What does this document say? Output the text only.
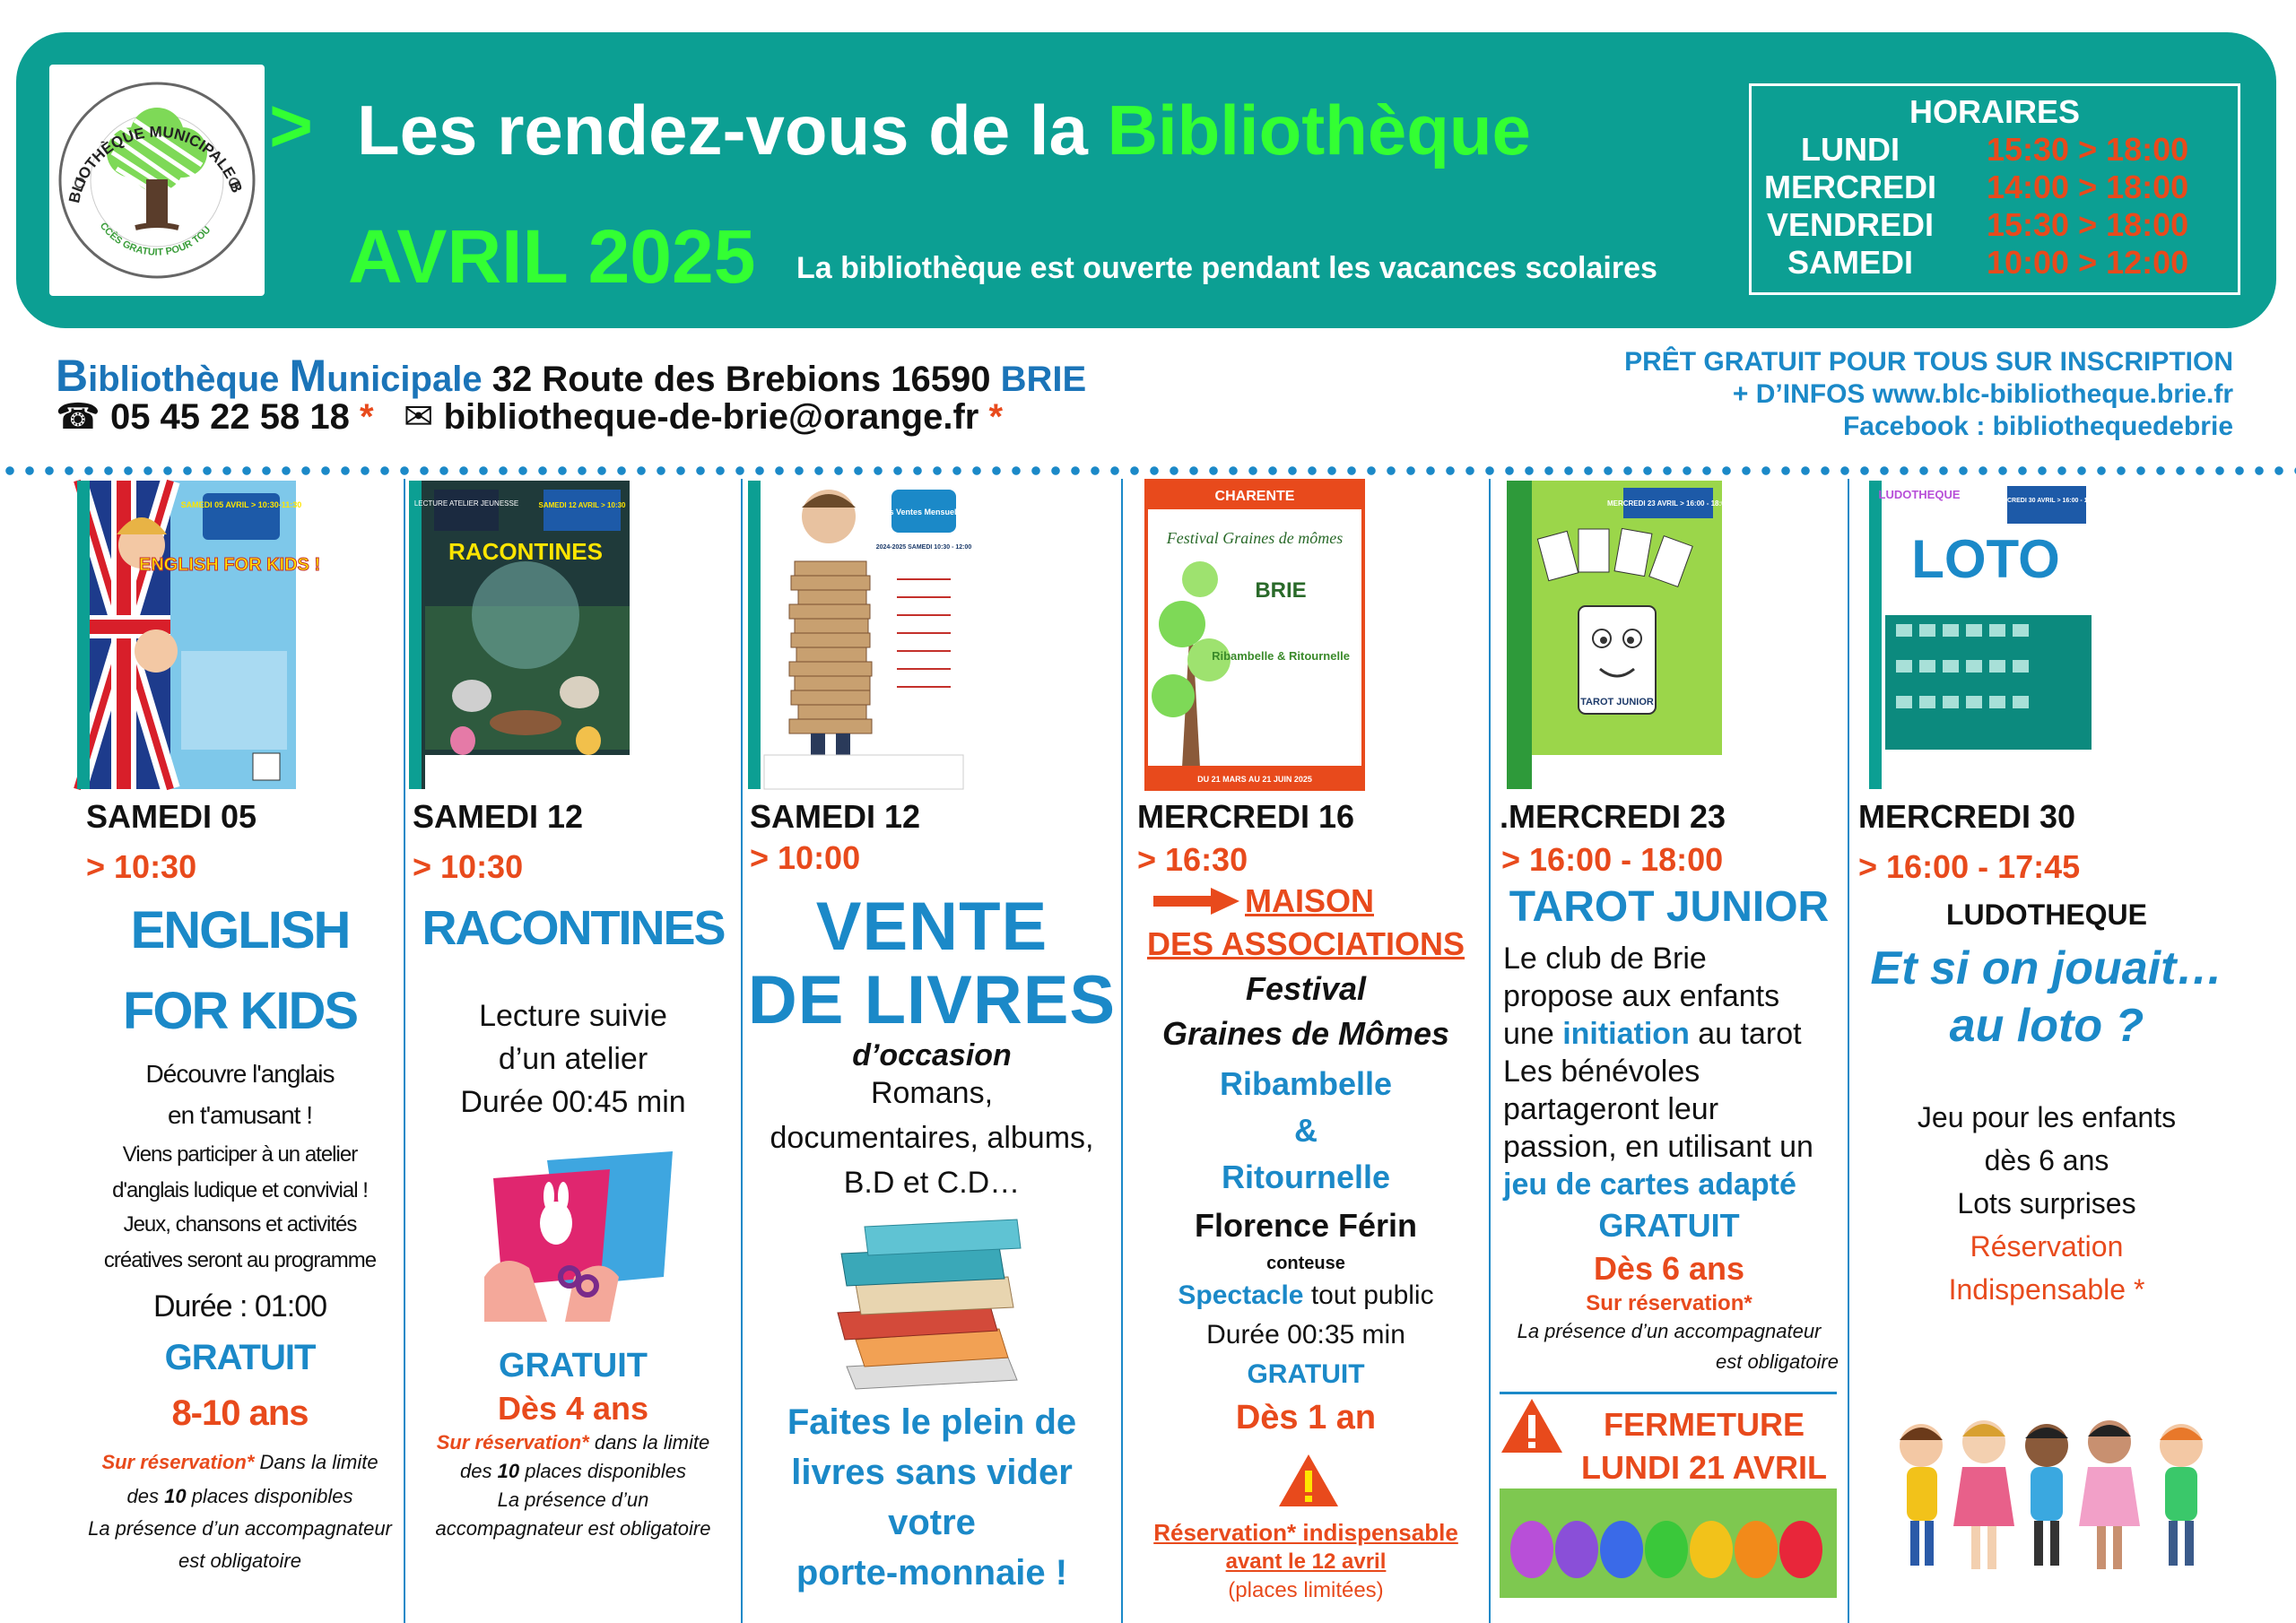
BLIOTHÈQUE MUNICIPALE B
CCÈS GRATUIT POUR TOU
> Les rendez-vous de la Bibliothèque
AVRIL 2025 La bibliothèque est ouverte pendant les vacances scolaires
HORAIRES
LUNDI	15:30 > 18:00
MERCREDI	14:00 > 18:00
VENDREDI	15:30 > 18:00
SAMEDI	10:00 > 12:00
Bibliothèque Municipale 32 Route des Brebions 16590 BRIE
☎ 05 45 22 58 18 * ✉ bibliotheque-de-brie@orange.fr *
PRÊT GRATUIT POUR TOUS SUR INSCRIPTION
+ D’INFOS www.blc-bibliotheque.brie.fr
Facebook : bibliothequedebrie
SAMEDI 05 AVRIL > 10:30-11:30
ENGLISH FOR KIDS !
SAMEDI 05
> 10:30
ENGLISH
FOR KIDS
Découvre l'anglais
en t'amusant !
Viens participer à un atelier
d'anglais ludique et convivial !
Jeux, chansons et activités
créatives seront au programme
Durée : 01:00
GRATUIT
8-10 ans
Sur réservation* Dans la limite
des 10 places disponibles
La présence d’un accompagnateur
est obligatoire
LECTURE ATELIER JEUNESSE	SAMEDI 12 AVRIL > 10:30
RACONTINES
SAMEDI 12
> 10:30
RACONTINES
Lecture suivie
d’un atelier
Durée 00:45 min
GRATUIT
Dès 4 ans
Sur réservation* dans la limite
des 10 places disponibles
La présence d’un
accompagnateur est obligatoire
Les Ventes Mensuelles
2024-2025 SAMEDI 10:30 - 12:00
SAMEDI 12
> 10:00
VENTE
DE LIVRES
d’occasion
Romans,
documentaires, albums,
B.D et C.D…
Faites le plein de
livres sans vider
votre
porte-monnaie !
CHARENTE
Festival Graines de mômes
BRIE
Ribambelle & Ritournelle
DU 21 MARS AU 21 JUIN 2025
MERCREDI 16
> 16:30
MAISON
DES ASSOCIATIONS
Festival
Graines de Mômes
Ribambelle
&
Ritournelle
Florence Férin
conteuse
Spectacle tout public
Durée 00:35 min
GRATUIT
Dès 1 an
Réservation* indispensable
avant le 12 avril
(places limitées)
MERCREDI 23 AVRIL > 16:00 - 18:00
TAROT JUNIOR
.MERCREDI 23
> 16:00 - 18:00
TAROT JUNIOR
Le club de Brie
propose aux enfants
une initiation au tarot
Les bénévoles
partageront leur
passion, en utilisant un
jeu de cartes adapté
GRATUIT
Dès 6 ans
Sur réservation*
La présence d’un accompagnateur
est obligatoire
FERMETURE
LUNDI 21 AVRIL
LUDOTHEQUE	MERCREDI 30 AVRIL > 16:00 - 17:45
LOTO
MERCREDI 30
> 16:00 - 17:45
LUDOTHEQUE
Et si on jouait…
au loto ?
Jeu pour les enfants
dès 6 ans
Lots surprises
Réservation
Indispensable *
